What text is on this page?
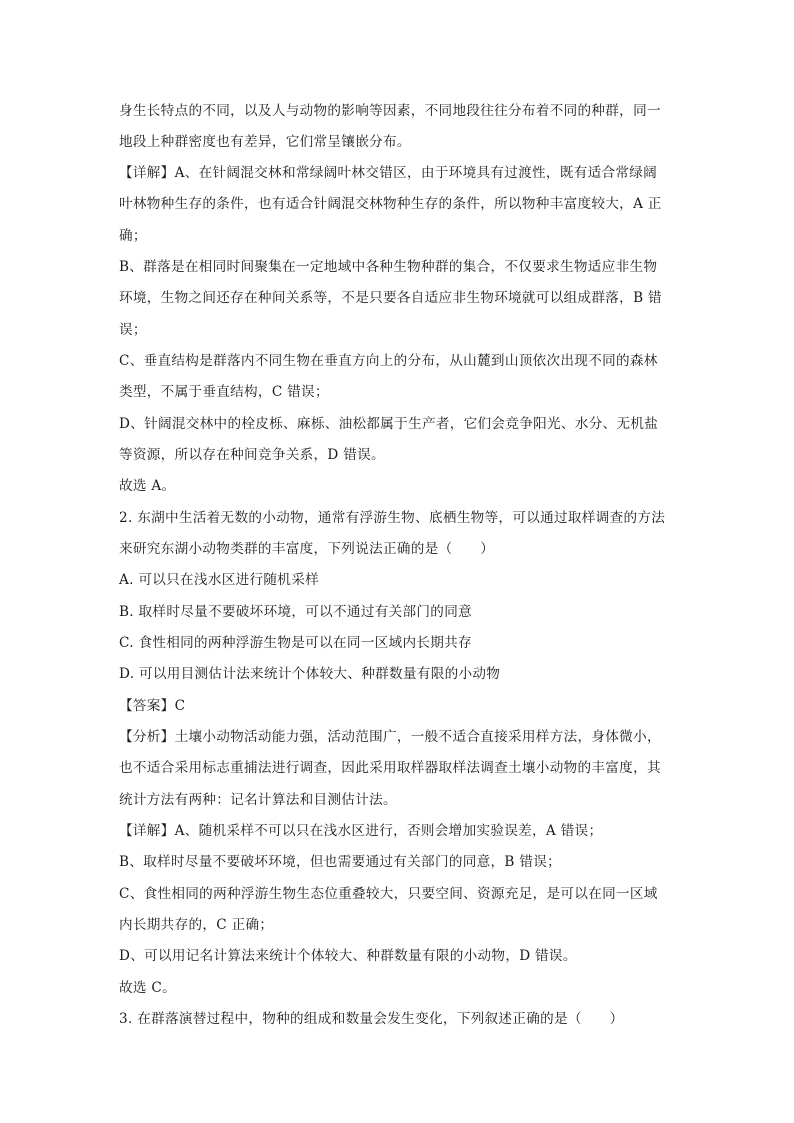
身生长特点的不同，以及人与动物的影响等因素，不同地段往往分布着不同的种群，同一
地段上种群密度也有差异，它们常呈镶嵌分布。
【详解】A、在针阔混交林和常绿阔叶林交错区，由于环境具有过渡性，既有适合常绿阔
叶林物种生存的条件，也有适合针阔混交林物种生存的条件，所以物种丰富度较大，A 正
确；
B、群落是在相同时间聚集在一定地域中各种生物种群的集合，不仅要求生物适应非生物
环境，生物之间还存在种间关系等，不是只要各自适应非生物环境就可以组成群落，B 错
误；
C、垂直结构是群落内不同生物在垂直方向上的分布，从山麓到山顶依次出现不同的森林
类型，不属于垂直结构，C 错误；
D、针阔混交林中的栓皮栎、麻栎、油松都属于生产者，它们会竞争阳光、水分、无机盐
等资源，所以存在种间竞争关系，D 错误。
故选 A。
2. 东湖中生活着无数的小动物，通常有浮游生物、底栖生物等，可以通过取样调查的方法
来研究东湖小动物类群的丰富度，下列说法正确的是（　　）
A. 可以只在浅水区进行随机采样
B. 取样时尽量不要破坏环境，可以不通过有关部门的同意
C. 食性相同的两种浮游生物是可以在同一区域内长期共存
D. 可以用目测估计法来统计个体较大、种群数量有限的小动物
【答案】C
【分析】土壤小动物活动能力强，活动范围广，一般不适合直接采用样方法，身体微小，
也不适合采用标志重捕法进行调查，因此采用取样器取样法调查土壤小动物的丰富度，其
统计方法有两种：记名计算法和目测估计法。
【详解】A、随机采样不可以只在浅水区进行，否则会增加实验误差，A 错误；
B、取样时尽量不要破坏环境，但也需要通过有关部门的同意，B 错误；
C、食性相同的两种浮游生物生态位重叠较大，只要空间、资源充足，是可以在同一区域
内长期共存的，C 正确；
D、可以用记名计算法来统计个体较大、种群数量有限的小动物，D 错误。
故选 C。
3. 在群落演替过程中，物种的组成和数量会发生变化，下列叙述正确的是（　　）
